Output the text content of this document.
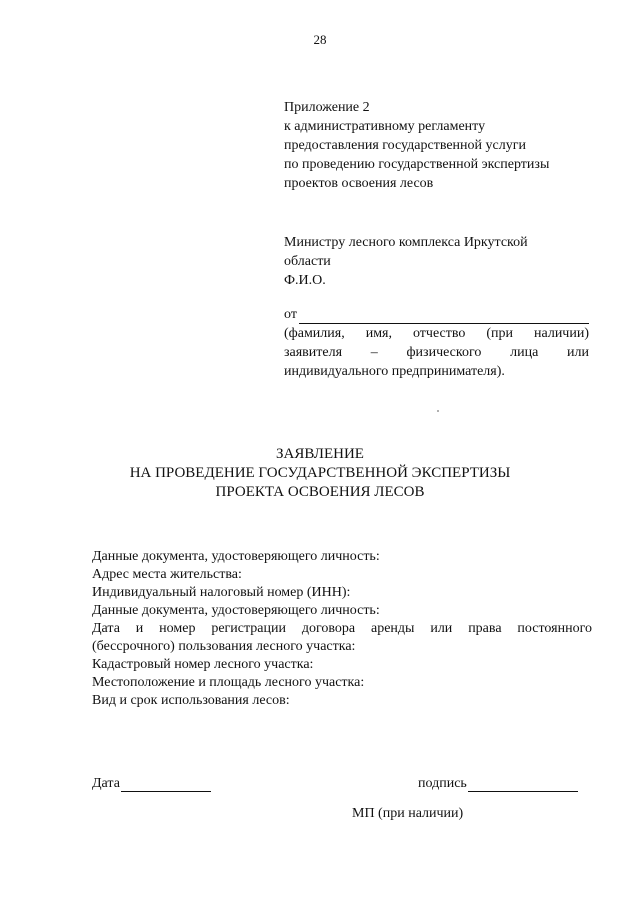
28
Приложение 2
к административному регламенту
предоставления государственной услуги
по проведению государственной экспертизы
проектов освоения лесов
Министру лесного комплекса Иркутской
области
Ф.И.О.
от
(фамилия, имя, отчество (при наличии)
заявителя – физического лица или
индивидуального предпринимателя).
ЗАЯВЛЕНИЕ
НА ПРОВЕДЕНИЕ ГОСУДАРСТВЕННОЙ ЭКСПЕРТИЗЫ
ПРОЕКТА ОСВОЕНИЯ ЛЕСОВ
Данные документа, удостоверяющего личность:
Адрес места жительства:
Индивидуальный налоговый номер (ИНН):
Данные документа, удостоверяющего личность:
Дата и номер регистрации договора аренды или права постоянного
(бессрочного) пользования лесного участка:
Кадастровый номер лесного участка:
Местоположение и площадь лесного участка:
Вид и срок использования лесов:
Дата	подпись
МП (при наличии)
